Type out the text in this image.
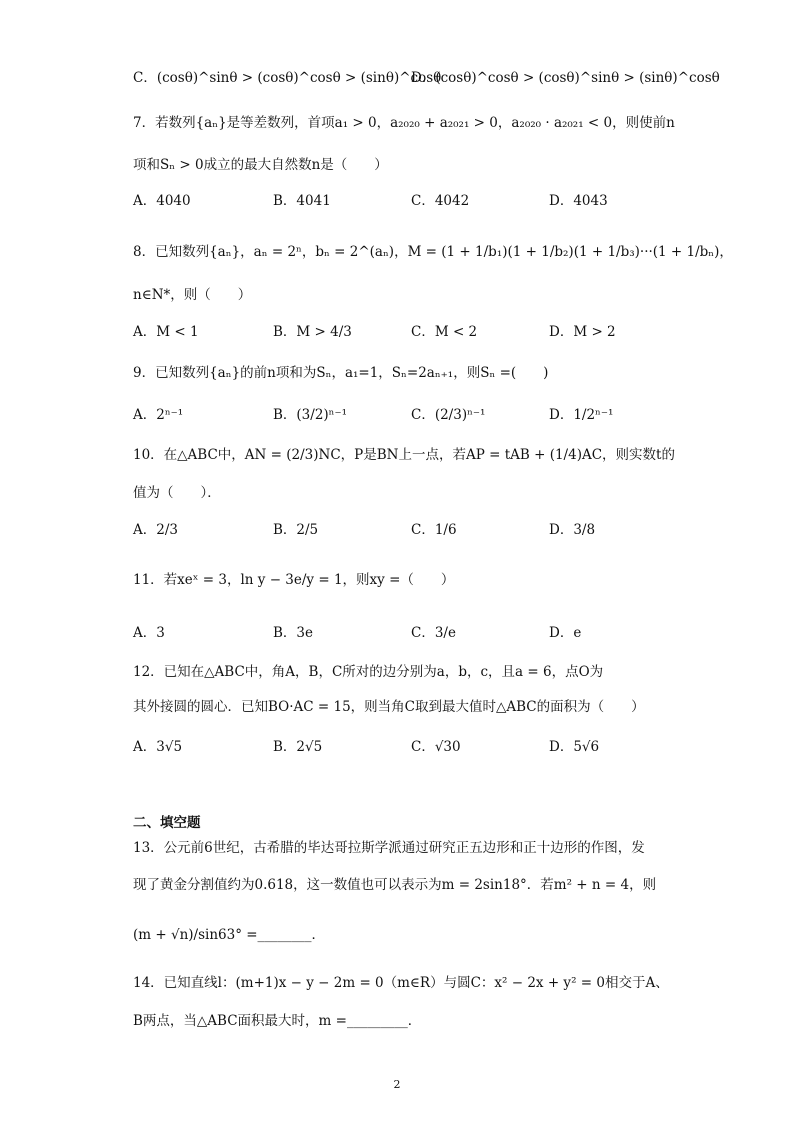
C．(cosθ)^sinθ > (cosθ)^cosθ > (sinθ)^cosθ
D．(cosθ)^cosθ > (cosθ)^sinθ > (sinθ)^cosθ
7．若数列{aₙ}是等差数列，首项a₁ > 0，a₂₀₂₀ + a₂₀₂₁ > 0，a₂₀₂₀ · a₂₀₂₁ < 0，则使前n
项和Sₙ > 0成立的最大自然数n是（　　）
A．4040	B．4041	C．4042	D．4043
8．已知数列{aₙ}，aₙ = 2ⁿ，bₙ = 2^(aₙ)，M = (1 + 1/b₁)(1 + 1/b₂)(1 + 1/b₃)···(1 + 1/bₙ)，
n∈N*，则（　　）
A．M < 1	B．M > 4/3	C．M < 2	D．M > 2
9．已知数列{aₙ}的前n项和为Sₙ，a₁=1，Sₙ=2aₙ₊₁，则Sₙ =(　　)
A．2ⁿ⁻¹	B．(3/2)ⁿ⁻¹	C．(2/3)ⁿ⁻¹	D．1/2ⁿ⁻¹
10．在△ABC中，AN = (2/3)NC，P是BN上一点，若AP = tAB + (1/4)AC，则实数t的
值为（　　）．
A．2/3	B．2/5	C．1/6	D．3/8
11．若xeˣ = 3，ln y − 3e/y = 1，则xy =（　　）
A．3	B．3e	C．3/e	D．e
12．已知在△ABC中，角A，B，C所对的边分别为a，b，c，且a = 6，点O为
其外接圆的圆心．已知BO·AC = 15，则当角C取到最大值时△ABC的面积为（　　）
A．3√5	B．2√5	C．√30	D．5√6
二、填空题
13．公元前6世纪，古希腊的毕达哥拉斯学派通过研究正五边形和正十边形的作图，发
现了黄金分割值约为0.618，这一数值也可以表示为m = 2sin18°．若m² + n = 4，则
(m + √n)/sin63° =________．
14．已知直线l：(m+1)x − y − 2m = 0（m∈R）与圆C：x² − 2x + y² = 0相交于A、
B两点，当△ABC面积最大时，m =_________．
2
